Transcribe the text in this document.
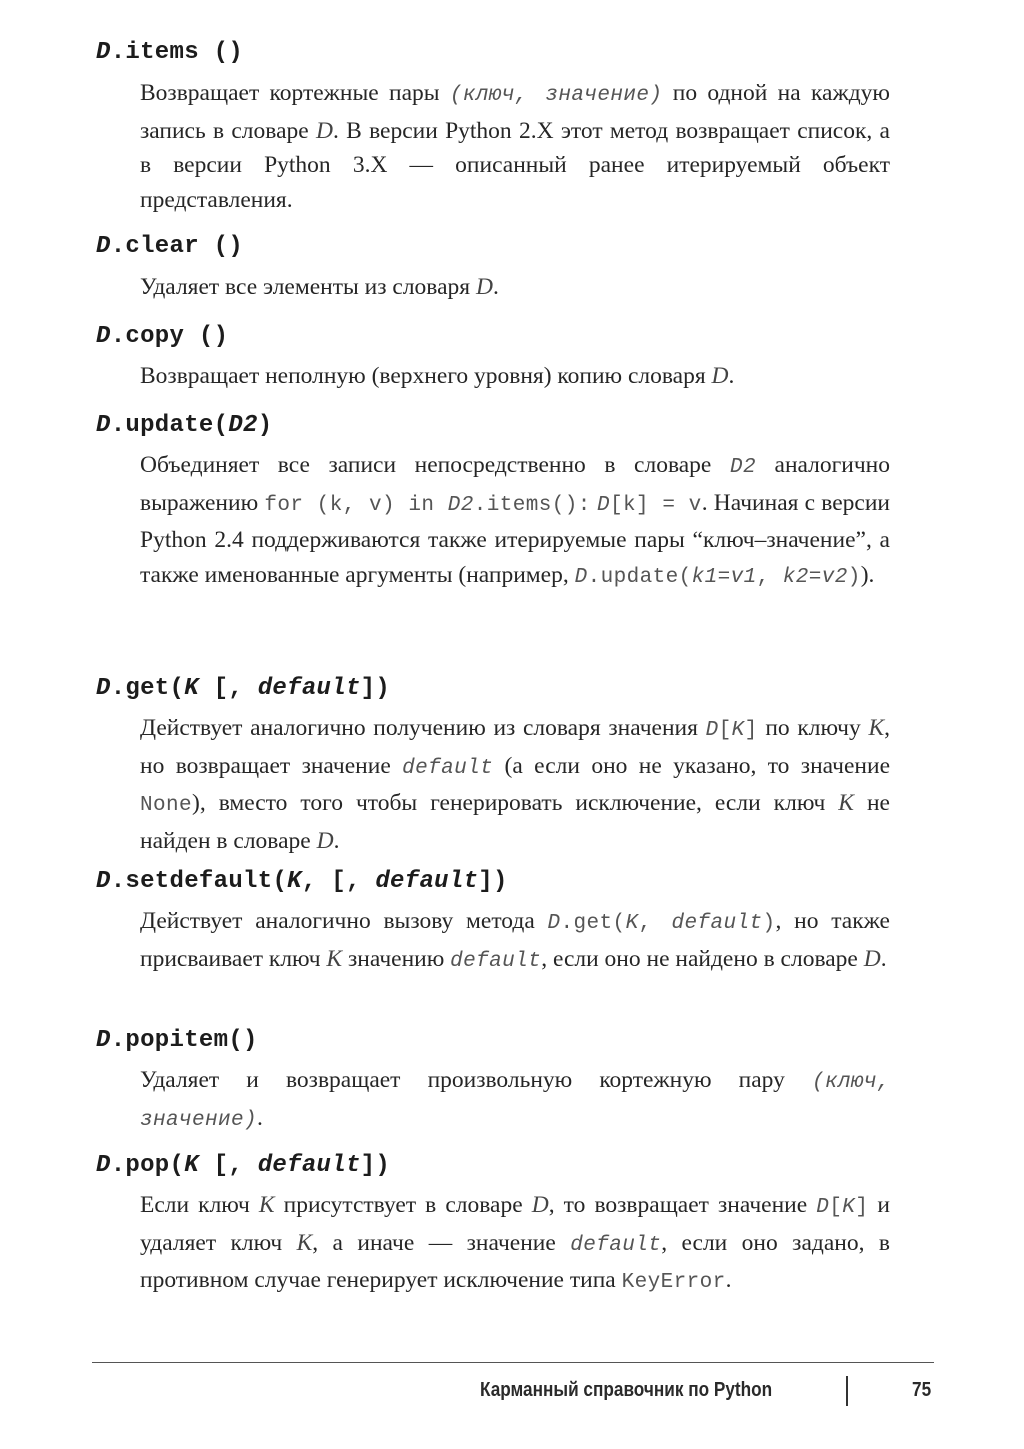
D.items ()
Возвращает кортежные пары (ключ, значение) по одной на каждую запись в словаре D. В версии Python 2.X этот метод возвращает список, а в версии Python 3.X — описанный ранее итерируемый объект представления.
D.clear ()
Удаляет все элементы из словаря D.
D.copy ()
Возвращает неполную (верхнего уровня) копию словаря D.
D.update(D2)
Объединяет все записи непосредственно в словаре D2 аналогично выражению for (k, v) in D2.items(): D[k] = v. Начиная с версии Python 2.4 поддерживаются также итерируемые пары “ключ–значение”, а также именованные аргументы (например, D.update(k1=v1, k2=v2)).
D.get(K [, default])
Действует аналогично получению из словаря значения D[K] по ключу K, но возвращает значение default (а если оно не указано, то значение None), вместо того чтобы генерировать исключение, если ключ K не найден в словаре D.
D.setdefault(K, [, default])
Действует аналогично вызову метода D.get(K, default), но также присваивает ключ K значению default, если оно не найдено в словаре D.
D.popitem()
Удаляет и возвращает произвольную кортежную пару (ключ, значение).
D.pop(K [, default])
Если ключ K присутствует в словаре D, то возвращает значение D[K] и удаляет ключ K, а иначе — значение default, если оно задано, в противном случае генерирует исключение типа KeyError.
Карманный справочник по Python	75
